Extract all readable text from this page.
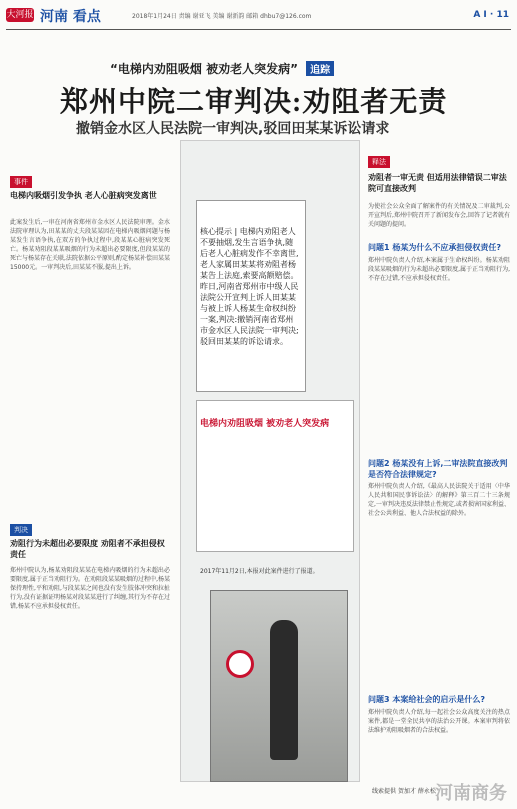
大河报 河南 看点	2018年1月24日 责编 谢亚飞 美编 谢新韵 邮箱 dhbu7@126.com	A I · 11
“电梯内劝阻吸烟 被劝老人突发病” 追踪
郑州中院二审判决:劝阻者无责
撤销金水区人民法院一审判决,驳回田某某诉讼请求
事件
电梯内吸烟引发争执 老人心脏病突发离世
此案发生后,一审在河南省郑州市金水区人民法院审理。金水法院审理认为,田某某的丈夫段某某因在电梯内吸烟问题与杨某发生言语争执,在双方的争执过程中,段某某心脏病突发死亡。杨某劝阻段某某吸烟的行为未超出必要限度,但段某某的死亡与杨某存在关联,法院依据公平原则,酌定杨某补偿田某某15000元。一审判决后,田某某不服,提出上诉。
判决
劝阻行为未超出必要限度 劝阻者不承担侵权责任
郑州中院认为,杨某劝阻段某某在电梯内吸烟的行为未超出必要限度,属于正当劝阻行为。在劝阻段某某吸烟的过程中,杨某保持理性,平和劝阻,与段某某之间也没有发生肢体冲突和拉扯行为,没有证据证明杨某对段某某进行了纠缠,其行为不存在过错,杨某不应承担侵权责任。
核心提示 | 电梯内劝阻老人不要抽烟,发生言语争执,随后老人心脏病发作不幸离世,老人家属田某某将劝阻者杨某告上法庭,索要高额赔偿。昨日,河南省郑州市中级人民法院公开宣判上诉人田某某与被上诉人杨某生命权纠纷一案,判决:撤销河南省郑州市金水区人民法院一审判决;驳回田某某的诉讼请求。
电梯内劝阻吸烟 被劝老人突发病
2017年11月2日,本报对此案件进行了报道。
释法
劝阻者一审无责 但适用法律错误二审法院可直接改判
为使社会公众全面了解案件的有关情况及二审裁判,公开宣判后,郑州中院召开了新闻发布会,回答了记者就有关问题的提问。
问题1 杨某为什么不应承担侵权责任?
郑州中院负责人介绍,本案属于生命权纠纷。杨某劝阻段某某吸烟的行为未超出必要限度,属于正当劝阻行为,不存在过错,不应承担侵权责任。
问题2 杨某没有上诉,二审法院直接改判是否符合法律规定?
郑州中院负责人介绍,《最高人民法院关于适用〈中华人民共和国民事诉讼法〉的解释》第三百二十三条规定,一审判决违反法律禁止性规定,或者损害国家利益、社会公共利益、他人合法权益的除外。
问题3 本案给社会的启示是什么?
郑州中院负责人介绍,每一起社会公众高度关注的热点案件,都是一堂全民共享的法治公开课。本案审判将依法维护劝阻吸烟者的合法权益。
线索提供 贺加才 薛永松 河南商务
